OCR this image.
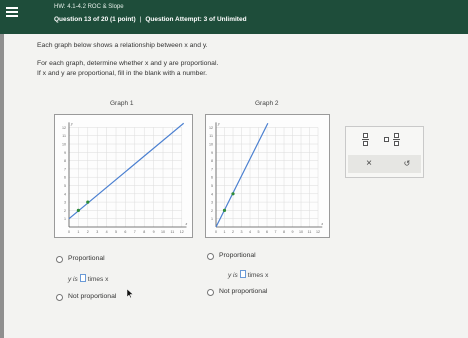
HW: 4.1-4.2 ROC & Slope
Question 13 of 20 (1 point) | Question Attempt: 3 of Unlimited
Each graph below shows a relationship between x and y.
For each graph, determine whether x and y are proportional.
If x and y are proportional, fill in the blank with a number.
Graph 1
12
11
10
9
8
7
6
5
4
3
2
1
0 1 2 3 4 5 6 7 8 9 10 11 12
x
y
Graph 2
12
11
10
9
8
7
6
5
4
3
2
1
0 1 2 3 4 5 6 7 8 9 10 11 12
x
y
×	↺
Proportional
y is times x
Not proportional
Proportional
y is times x
Not proportional
